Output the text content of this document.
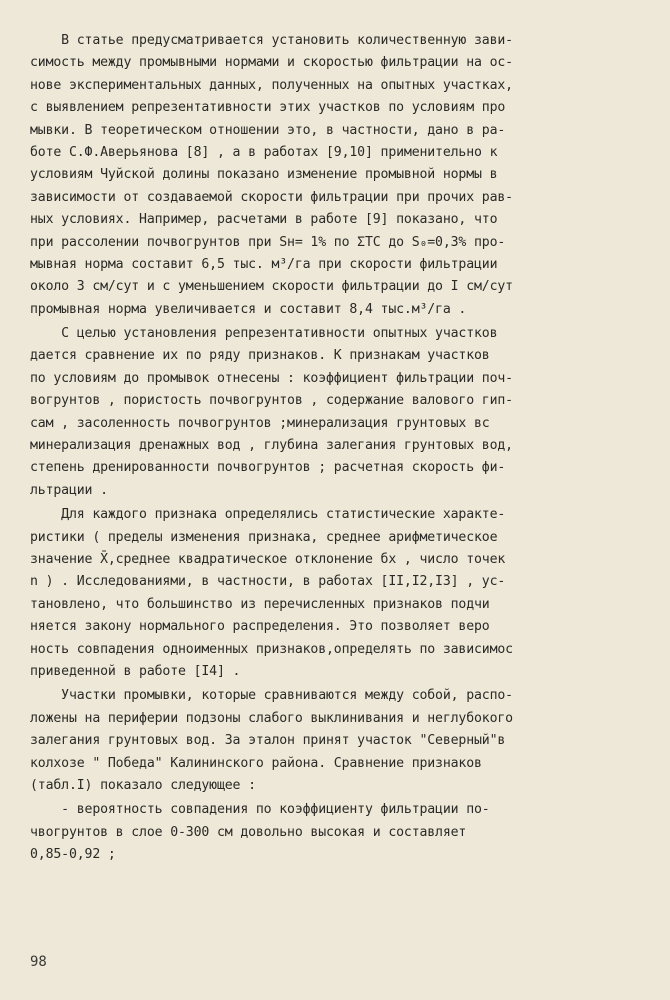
В статье предусматривается установить количественную зави-
симость между промывными нормами и скоростью фильтрации на ос-
нове экспериментальных данных, полученных на опытных участках,
с выявлением репрезентативности этих участков по условиям про
мывки. В теоретическом отношении это, в частности, дано в ра-
боте С.Ф.Аверьянова [8] , а в работах [9,10] применительно к
условиям Чуйской долины показано изменение промывной нормы в
зависимости от создаваемой скорости фильтрации при прочих рав-
ных условиях. Например, расчетами в работе [9] показано, что
при рассолении почвогрунтов при Sн= 1% по ΣТС до S₀=0,3% про-
мывная норма составит 6,5 тыс. м³/га при скорости фильтрации
около 3 см/сут и с уменьшением скорости фильтрации до I см/сут
промывная норма увеличивается и составит 8,4 тыс.м³/га .
С целью установления репрезентативности опытных участков
дается сравнение их по ряду признаков. К признакам участков
по условиям до промывок отнесены : коэффициент фильтрации поч-
вогрунтов , пористость почвогрунтов , содержание валового гип-
сам , засоленность почвогрунтов ;минерализация грунтовых вс
минерализация дренажных вод , глубина залегания грунтовых вод,
степень дренированности почвогрунтов ; расчетная скорость фи-
льтрации .
Для каждого признака определялись статистические характе-
ристики ( пределы изменения признака, среднее арифметическое
значение X̄,среднее квадратическое отклонение бх , число точек
n ) . Исследованиями, в частности, в работах [II,I2,I3] , ус-
тановлено, что большинство из перечисленных признаков подчи
няется закону нормального распределения. Это позволяет веро
ность совпадения одноименных признаков,определять по зависимос
приведенной в работе [I4] .
Участки промывки, которые сравниваются между собой, распо-
ложены на периферии подзоны слабого выклинивания и неглубокого
залегания грунтовых вод. За эталон принят участок "Северный"в
колхозе " Победа" Калининского района. Сравнение признаков
(табл.I) показало следующее :
- вероятность совпадения по коэффициенту фильтрации по-
чвогрунтов в слое 0-300 см довольно высокая и составляет
0,85-0,92 ;
98
